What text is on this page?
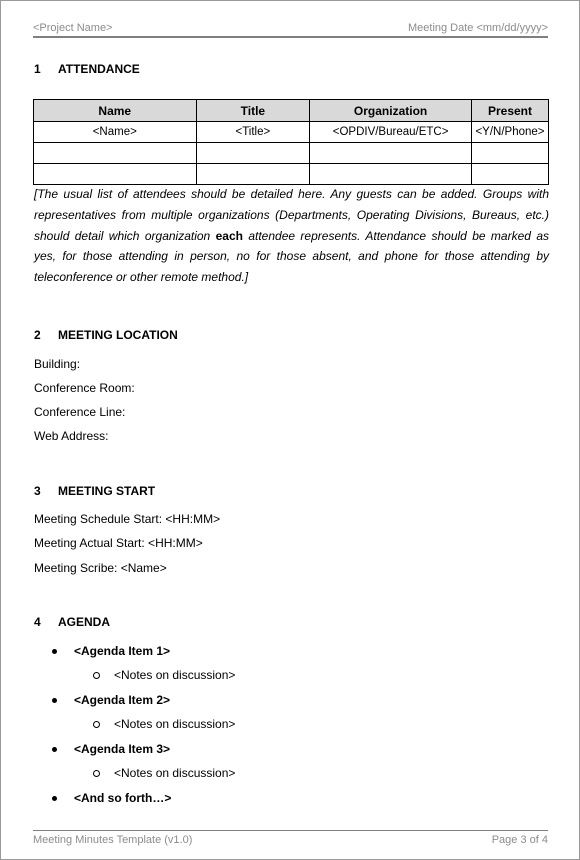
<Project Name>	Meeting Date <mm/dd/yyyy>
1	ATTENDANCE
Name	Title	Organization	Present
<Name>	<Title>	<OPDIV/Bureau/ETC>	<Y/N/Phone>

[The usual list of attendees should be detailed here. Any guests can be added. Groups with representatives from multiple organizations (Departments, Operating Divisions, Bureaus, etc.) should detail which organization each attendee represents. Attendance should be marked as yes, for those attending in person, no for those absent, and phone for those attending by teleconference or other remote method.]
2	MEETING LOCATION
Building:
Conference Room:
Conference Line:
Web Address:
3	MEETING START
Meeting Schedule Start: <HH:MM>
Meeting Actual Start: <HH:MM>
Meeting Scribe: <Name>
4	AGENDA
<Agenda Item 1>
<Notes on discussion>
<Agenda Item 2>
<Notes on discussion>
<Agenda Item 3>
<Notes on discussion>
<And so forth…>
Meeting Minutes Template (v1.0)	Page 3 of 4
